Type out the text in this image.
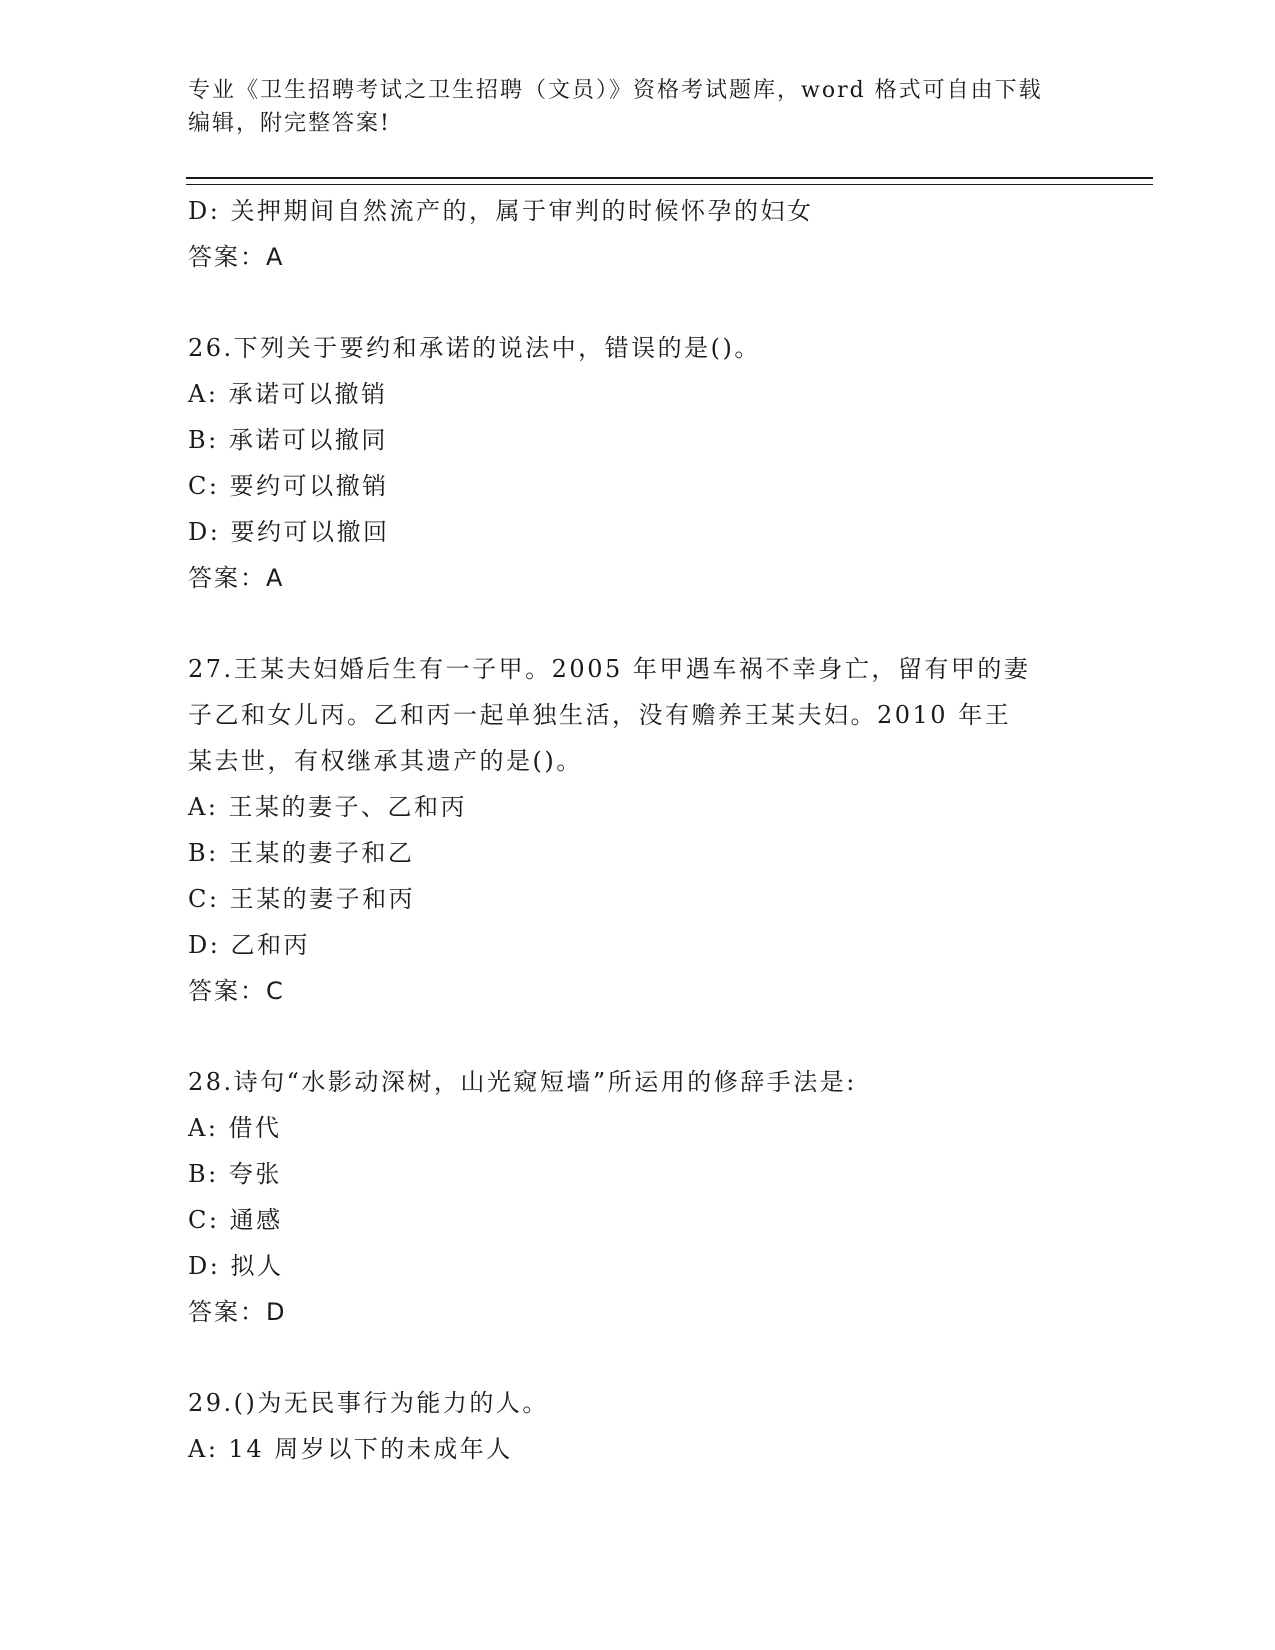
专业《卫生招聘考试之卫生招聘（文员）》资格考试题库，word 格式可自由下载
编辑，附完整答案!
D: 关押期间自然流产的，属于审判的时候怀孕的妇女
答案：A
26.下列关于要约和承诺的说法中，错误的是()。
A: 承诺可以撤销
B: 承诺可以撤同
C: 要约可以撤销
D: 要约可以撤回
答案：A
27.王某夫妇婚后生有一子甲。2005 年甲遇车祸不幸身亡，留有甲的妻
子乙和女儿丙。乙和丙一起单独生活，没有赡养王某夫妇。2010 年王
某去世，有权继承其遗产的是()。
A: 王某的妻子、乙和丙
B: 王某的妻子和乙
C: 王某的妻子和丙
D: 乙和丙
答案：C
28.诗句“水影动深树，山光窥短墙”所运用的修辞手法是:
A: 借代
B: 夸张
C: 通感
D: 拟人
答案：D
29.()为无民事行为能力的人。
A: 14 周岁以下的未成年人
